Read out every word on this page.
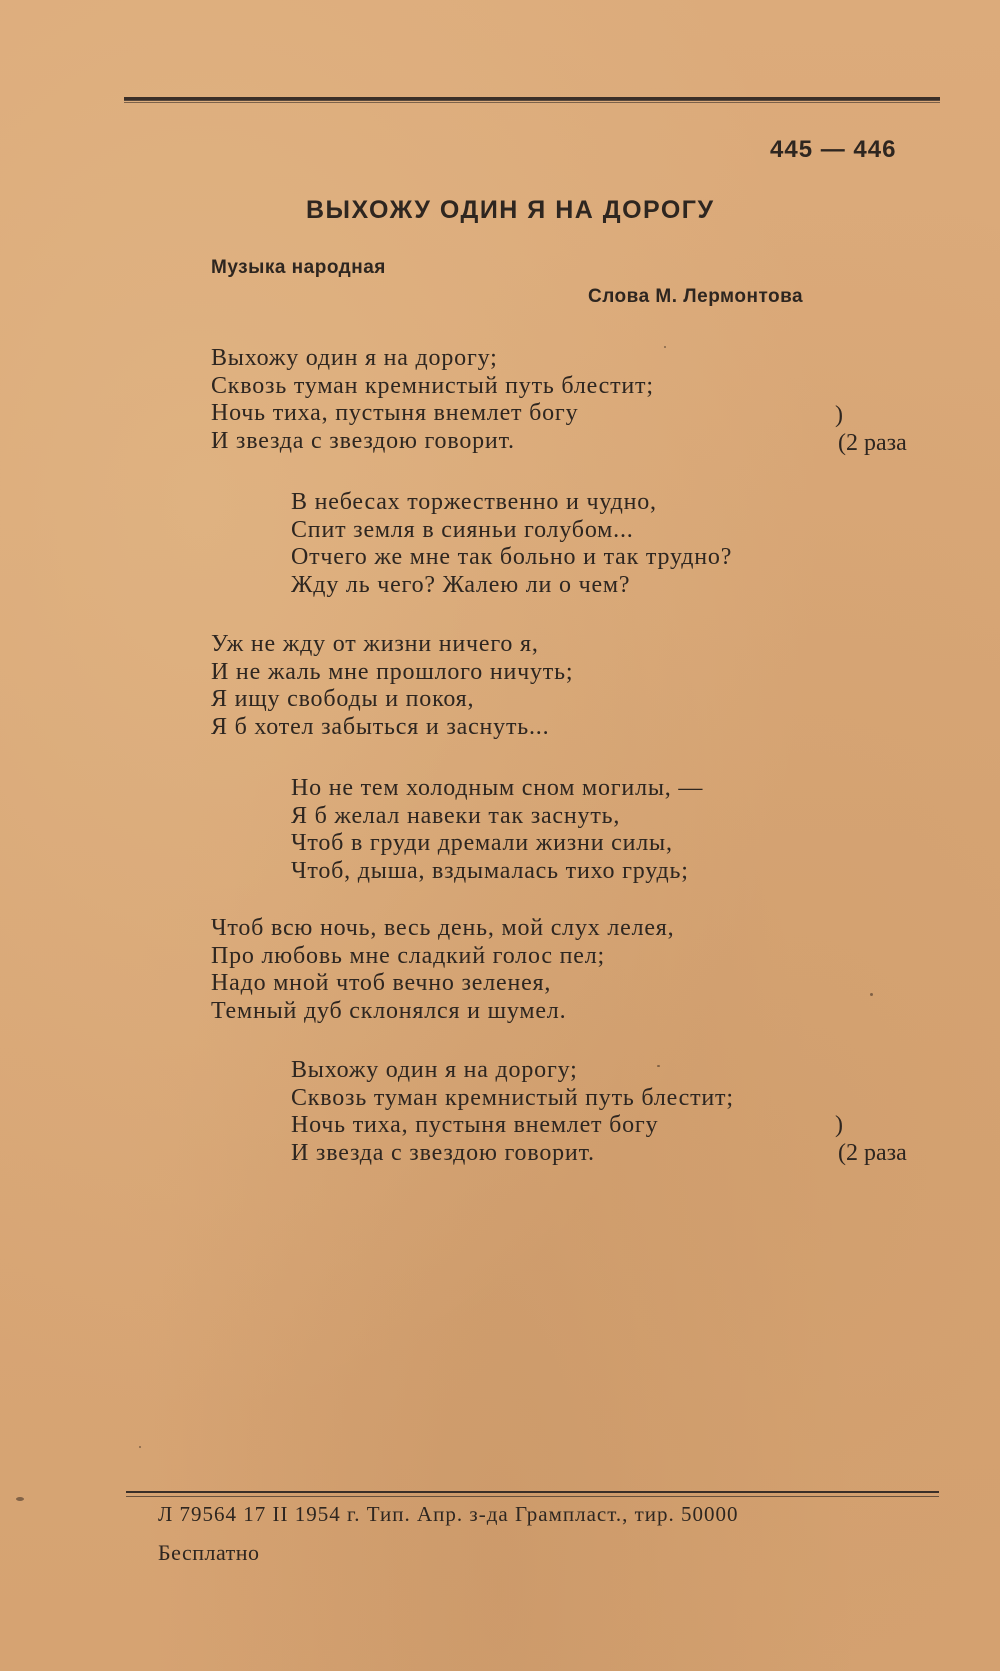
445 — 446
ВЫХОЖУ ОДИН Я НА ДОРОГУ
Музыка народная
Слова М. Лермонтова
Выхожу один я на дорогу;
Сквозь туман кремнистый путь блестит;
Ночь тиха, пустыня внемлет богу
И звезда с звездою говорит.
)
(2 раза
В небесах торжественно и чудно,
Спит земля в сияньи голубом...
Отчего же мне так больно и так трудно?
Жду ль чего? Жалею ли о чем?
Уж не жду от жизни ничего я,
И не жаль мне прошлого ничуть;
Я ищу свободы и покоя,
Я б хотел забыться и заснуть...
Но не тем холодным сном могилы, —
Я б желал навеки так заснуть,
Чтоб в груди дремали жизни силы,
Чтоб, дыша, вздымалась тихо грудь;
Чтоб всю ночь, весь день, мой слух лелея,
Про любовь мне сладкий голос пел;
Надо мной чтоб вечно зеленея,
Темный дуб склонялся и шумел.
Выхожу один я на дорогу;
Сквозь туман кремнистый путь блестит;
Ночь тиха, пустыня внемлет богу
И звезда с звездою говорит.
)
(2 раза
Л 79564 17 II 1954 г. Тип. Апр. з-да Грампласт., тир. 50000
Бесплатно
